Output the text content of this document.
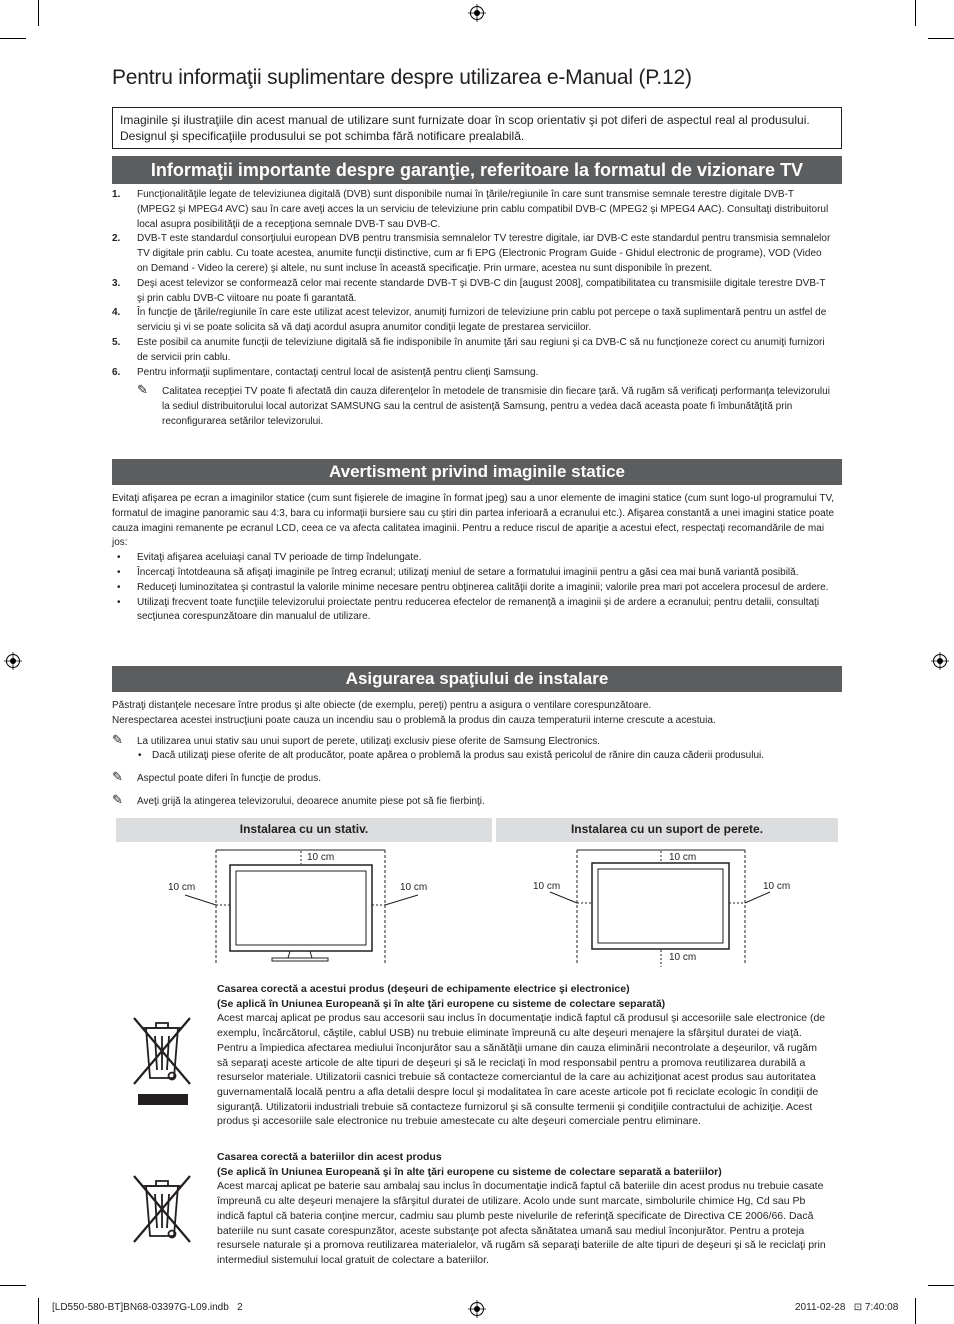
Pentru informaţii suplimentare despre utilizarea e-Manual (P.12)
Imaginile şi ilustraţiile din acest manual de utilizare sunt furnizate doar în scop orientativ şi pot diferi de aspectul real al produsului. Designul şi specificaţiile produsului se pot schimba fără notificare prealabilă.
Informaţii importante despre garanţie, referitoare la formatul de vizionare TV
1. Funcţionalităţile legate de televiziunea digitală (DVB) sunt disponibile numai în ţările/regiunile în care sunt transmise semnale terestre digitale DVB-T (MPEG2 şi MPEG4 AVC) sau în care aveţi acces la un serviciu de televiziune prin cablu compatibil DVB-C (MPEG2 şi MPEG4 AAC). Consultaţi distribuitorul local asupra posibilităţii de a recepţiona semnale DVB-T sau DVB-C.
2. DVB-T este standardul consorţiului european DVB pentru transmisia semnalelor TV terestre digitale, iar DVB-C este standardul pentru transmisia semnalelor TV digitale prin cablu. Cu toate acestea, anumite funcţii distinctive, cum ar fi EPG (Electronic Program Guide - Ghidul electronic de programe), VOD (Video on Demand - Video la cerere) şi altele, nu sunt incluse în această specificaţie. Prin urmare, acestea nu sunt disponibile în prezent.
3. Deşi acest televizor se conformează celor mai recente standarde DVB-T şi DVB-C din [august 2008], compatibilitatea cu transmisiile digitale terestre DVB-T şi prin cablu DVB-C viitoare nu poate fi garantată.
4. În funcţie de ţările/regiunile în care este utilizat acest televizor, anumiţi furnizori de televiziune prin cablu pot percepe o taxă suplimentară pentru un astfel de serviciu şi vi se poate solicita să vă daţi acordul asupra anumitor condiţii legate de prestarea serviciilor.
5. Este posibil ca anumite funcţii de televiziune digitală să fie indisponibile în anumite ţări sau regiuni şi ca DVB-C să nu funcţioneze corect cu anumiţi furnizori de servicii prin cablu.
6. Pentru informaţii suplimentare, contactaţi centrul local de asistenţă pentru clienţi Samsung.
✎ Calitatea recepţiei TV poate fi afectată din cauza diferenţelor în metodele de transmisie din fiecare ţară. Vă rugăm să verificaţi performanţa televizorului la sediul distribuitorului local autorizat SAMSUNG sau la centrul de asistenţă Samsung, pentru a vedea dacă aceasta poate fi îmbunătăţită prin reconfigurarea setărilor televizorului.
Avertisment privind imaginile statice
Evitaţi afişarea pe ecran a imaginilor statice (cum sunt fişierele de imagine în format jpeg) sau a unor elemente de imagini statice (cum sunt logo-ul programului TV, formatul de imagine panoramic sau 4:3, bara cu informaţii bursiere sau cu ştiri din partea inferioară a ecranului etc.). Afişarea constantă a unei imagini statice poate cauza imagini remanente pe ecranul LCD, ceea ce va afecta calitatea imaginii. Pentru a reduce riscul de apariţie a acestui efect, respectaţi recomandările de mai jos:
• Evitaţi afişarea aceluiaşi canal TV perioade de timp îndelungate.
• Încercaţi întotdeauna să afişaţi imaginile pe întreg ecranul; utilizaţi meniul de setare a formatului imaginii pentru a găsi cea mai bună variantă posibilă.
• Reduceţi luminozitatea şi contrastul la valorile minime necesare pentru obţinerea calităţii dorite a imaginii; valorile prea mari pot accelera procesul de ardere.
• Utilizaţi frecvent toate funcţiile televizorului proiectate pentru reducerea efectelor de remanenţă a imaginii şi de ardere a ecranului; pentru detalii, consultaţi secţiunea corespunzătoare din manualul de utilizare.
Asigurarea spaţiului de instalare
Păstraţi distanţele necesare între produs şi alte obiecte (de exemplu, pereţi) pentru a asigura o ventilare corespunzătoare.
Nerespectarea acestei instrucţiuni poate cauza un incendiu sau o problemă la produs din cauza temperaturii interne crescute a acestuia.
✎ La utilizarea unui stativ sau unui suport de perete, utilizaţi exclusiv piese oferite de Samsung Electronics.
• Dacă utilizaţi piese oferite de alt producător, poate apărea o problemă la produs sau există pericolul de rănire din cauza căderii produsului.
✎ Aspectul poate diferi în funcţie de produs.
✎ Aveţi grijă la atingerea televizorului, deoarece anumite piese pot să fie fierbinţi.
Instalarea cu un stativ.	Instalarea cu un suport de perete.
10 cm
10 cm	10 cm
10 cm
10 cm	10 cm
10 cm
Casarea corectă a acestui produs (deşeuri de echipamente electrice şi electronice)
(Se aplică în Uniunea Europeană şi în alte ţări europene cu sisteme de colectare separată)
Acest marcaj aplicat pe produs sau accesorii sau inclus în documentaţie indică faptul că produsul şi accesoriile sale electronice (de exemplu, încărcătorul, căştile, cablul USB) nu trebuie eliminate împreună cu alte deşeuri menajere la sfârşitul duratei de viaţă. Pentru a împiedica afectarea mediului înconjurător sau a sănătăţii umane din cauza eliminării necontrolate a deşeurilor, vă rugăm să separaţi aceste articole de alte tipuri de deşeuri şi să le reciclaţi în mod responsabil pentru a promova reutilizarea durabilă a resurselor materiale. Utilizatorii casnici trebuie să contacteze comerciantul de la care au achiziţionat acest produs sau autoritatea guvernamentală locală pentru a afla detalii despre locul şi modalitatea în care aceste articole pot fi reciclate ecologic în condiţii de siguranţă. Utilizatorii industriali trebuie să contacteze furnizorul şi să consulte termenii şi condiţiile contractului de achiziţie. Acest produs şi accesoriile sale electronice nu trebuie amestecate cu alte deşeuri comerciale pentru eliminare.
Casarea corectă a bateriilor din acest produs
(Se aplică în Uniunea Europeană şi în alte ţări europene cu sisteme de colectare separată a bateriilor)
Acest marcaj aplicat pe baterie sau ambalaj sau inclus în documentaţie indică faptul că bateriile din acest produs nu trebuie casate împreună cu alte deşeuri menajere la sfârşitul duratei de utilizare. Acolo unde sunt marcate, simbolurile chimice Hg, Cd sau Pb indică faptul că bateria conţine mercur, cadmiu sau plumb peste nivelurile de referinţă specificate de Directiva CE 2006/66. Dacă bateriile nu sunt casate corespunzător, aceste substanţe pot afecta sănătatea umană sau mediul înconjurător. Pentru a proteja resursele naturale şi a promova reutilizarea materialelor, vă rugăm să separaţi bateriile de alte tipuri de deşeuri şi să le reciclaţi prin intermediul sistemului local gratuit de colectare a bateriilor.
[LD550-580-BT]BN68-03397G-L09.indb   2	2011-02-28   ⊡ 7:40:08
